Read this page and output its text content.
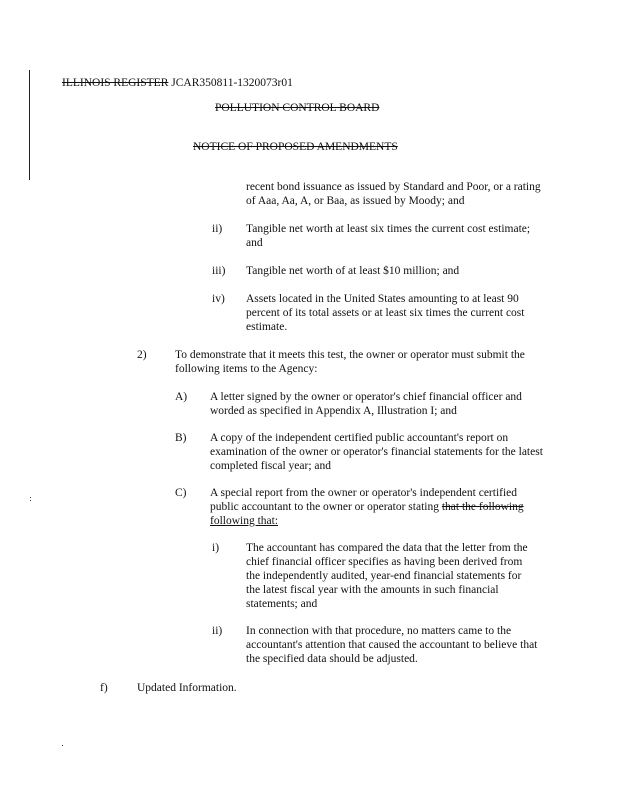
ILLINOIS REGISTER JCAR350811-1320073r01
POLLUTION CONTROL BOARD
NOTICE OF PROPOSED AMENDMENTS
recent bond issuance as issued by Standard and Poor, or a rating of Aaa, Aa, A, or Baa, as issued by Moody; and
ii) Tangible net worth at least six times the current cost estimate; and
iii) Tangible net worth of at least $10 million; and
iv) Assets located in the United States amounting to at least 90 percent of its total assets or at least six times the current cost estimate.
2) To demonstrate that it meets this test, the owner or operator must submit the following items to the Agency:
A) A letter signed by the owner or operator's chief financial officer and worded as specified in Appendix A, Illustration I; and
B) A copy of the independent certified public accountant's report on examination of the owner or operator's financial statements for the latest completed fiscal year; and
C) A special report from the owner or operator's independent certified public accountant to the owner or operator stating that the following following that:
i) The accountant has compared the data that the letter from the chief financial officer specifies as having been derived from the independently audited, year-end financial statements for the latest fiscal year with the amounts in such financial statements; and
ii) In connection with that procedure, no matters came to the accountant's attention that caused the accountant to believe that the specified data should be adjusted.
f)	Updated Information.
